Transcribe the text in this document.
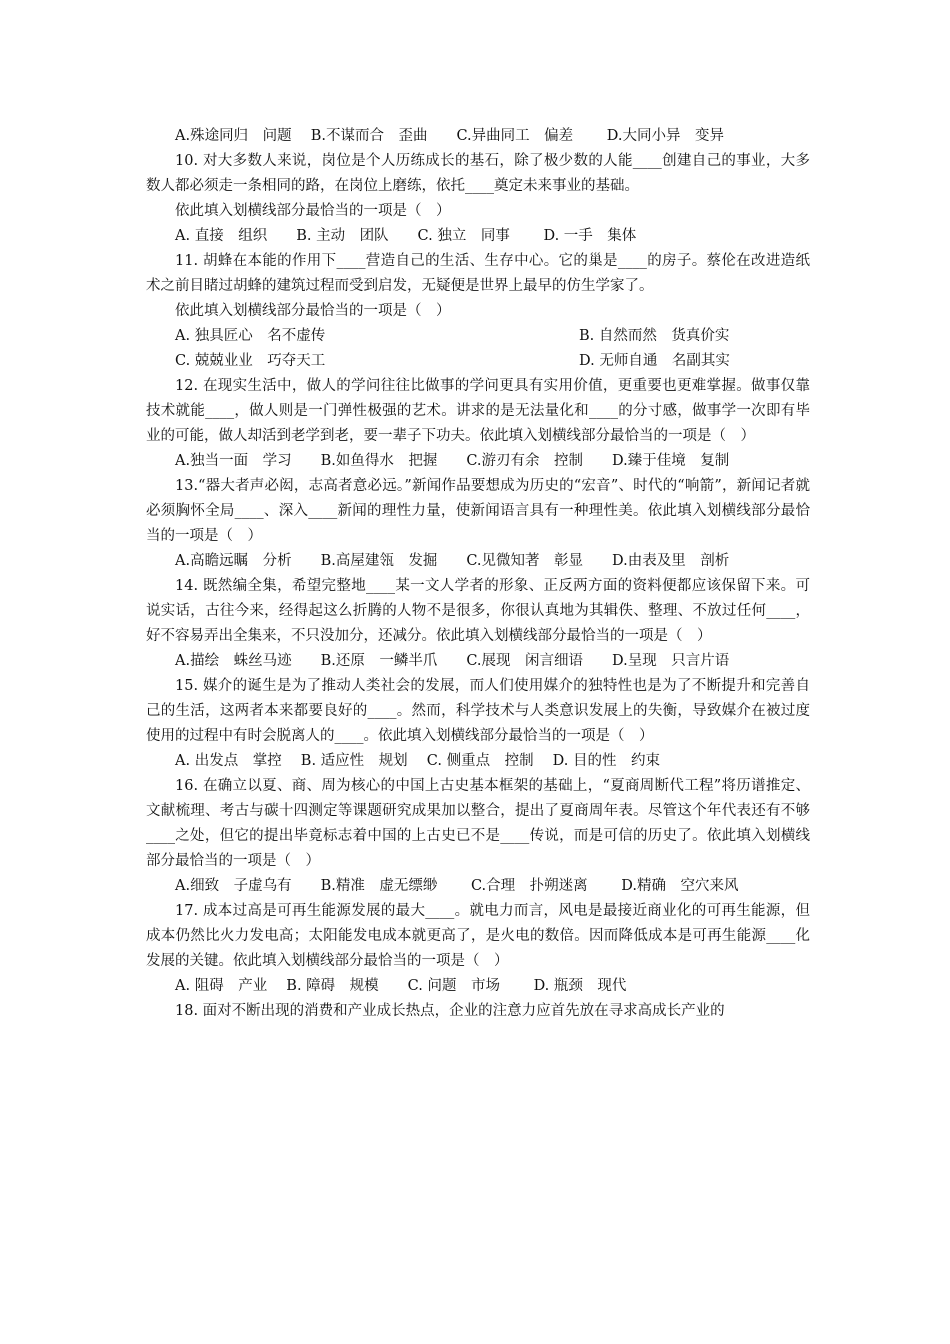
A.殊途同归　问题　 B.不谋而合　歪曲　　C.异曲同工　偏差　　 D.大同小异　变异

10. 对大多数人来说，岗位是个人历练成长的基石，除了极少数的人能____创建自己的事业，大多数人都必须走一条相同的路，在岗位上磨练，依托____奠定未来事业的基础。

依此填入划横线部分最恰当的一项是（　）

A. 直接　组织　　B. 主动　团队　　C. 独立　同事　　 D. 一手　集体

11. 胡蜂在本能的作用下____营造自己的生活、生存中心。它的巢是____的房子。蔡伦在改进造纸术之前目睹过胡蜂的建筑过程而受到启发，无疑便是世界上最早的仿生学家了。

依此填入划横线部分最恰当的一项是（　）

A. 独具匠心　名不虚传	B. 自然而然　货真价实
C. 兢兢业业　巧夺天工	D. 无师自通　名副其实

12. 在现实生活中，做人的学问往往比做事的学问更具有实用价值，更重要也更难掌握。做事仅靠技术就能____，做人则是一门弹性极强的艺术。讲求的是无法量化和____的分寸感，做事学一次即有毕业的可能，做人却活到老学到老，要一辈子下功夫。依此填入划横线部分最恰当的一项是（　）

A.独当一面　学习　　B.如鱼得水　把握　　C.游刃有余　控制　　D.臻于佳境　复制

13.“器大者声必闳，志高者意必远。”新闻作品要想成为历史的“宏音”、时代的“响箭”，新闻记者就必须胸怀全局____、深入____新闻的理性力量，使新闻语言具有一种理性美。依此填入划横线部分最恰当的一项是（　）

A.高瞻远瞩　分析　　B.高屋建瓴　发掘　　C.见微知著　彰显　　D.由表及里　剖析

14. 既然编全集，希望完整地____某一文人学者的形象、正反两方面的资料便都应该保留下来。可说实话，古往今来，经得起这么折腾的人物不是很多，你很认真地为其辑佚、整理、不放过任何____，好不容易弄出全集来，不只没加分，还减分。依此填入划横线部分最恰当的一项是（　）

A.描绘　蛛丝马迹　　B.还原　一鳞半爪　　C.展现　闲言细语　　D.呈现　只言片语

15. 媒介的诞生是为了推动人类社会的发展，而人们使用媒介的独特性也是为了不断提升和完善自己的生活，这两者本来都要良好的____。然而，科学技术与人类意识发展上的失衡，导致媒介在被过度使用的过程中有时会脱离人的____。依此填入划横线部分最恰当的一项是（　）

A. 出发点　掌控　 B. 适应性　规划　 C. 侧重点　控制　 D. 目的性　约束

16. 在确立以夏、商、周为核心的中国上古史基本框架的基础上，“夏商周断代工程”将历谱推定、文献梳理、考古与碳十四测定等课题研究成果加以整合，提出了夏商周年表。尽管这个年代表还有不够____之处，但它的提出毕竟标志着中国的上古史已不是____传说，而是可信的历史了。依此填入划横线部分最恰当的一项是（　）

A.细致　子虚乌有　　B.精准　虚无缥缈　　 C.合理　扑朔迷离　　 D.精确　空穴来风

17. 成本过高是可再生能源发展的最大____。就电力而言，风电是最接近商业化的可再生能源，但成本仍然比火力发电高；太阳能发电成本就更高了，是火电的数倍。因而降低成本是可再生能源____化发展的关键。依此填入划横线部分最恰当的一项是（　）

A. 阻碍　产业　 B. 障碍　规模　　C. 问题　市场　　 D. 瓶颈　现代

18. 面对不断出现的消费和产业成长热点，企业的注意力应首先放在寻求高成长产业的
